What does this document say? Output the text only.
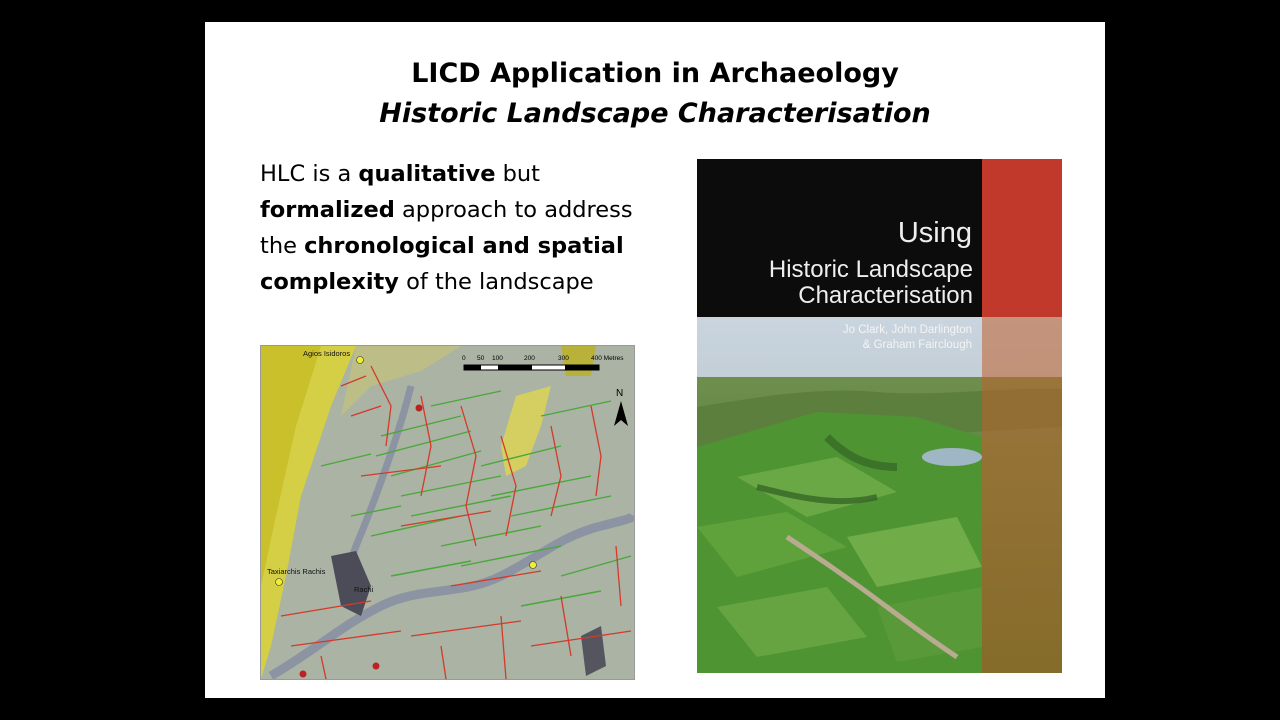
LICD Application in Archaeology
Historic Landscape Characterisation
HLC is a qualitative but
formalized approach to address the chronological and spatial complexity of the landscape
0 50 100	200	300	400 Metres
N
Agios Isidoros
Taxiarchis Rachis
Rachi
Using
Historic Landscape
Characterisation
Jo Clark, John Darlington
& Graham Fairclough
